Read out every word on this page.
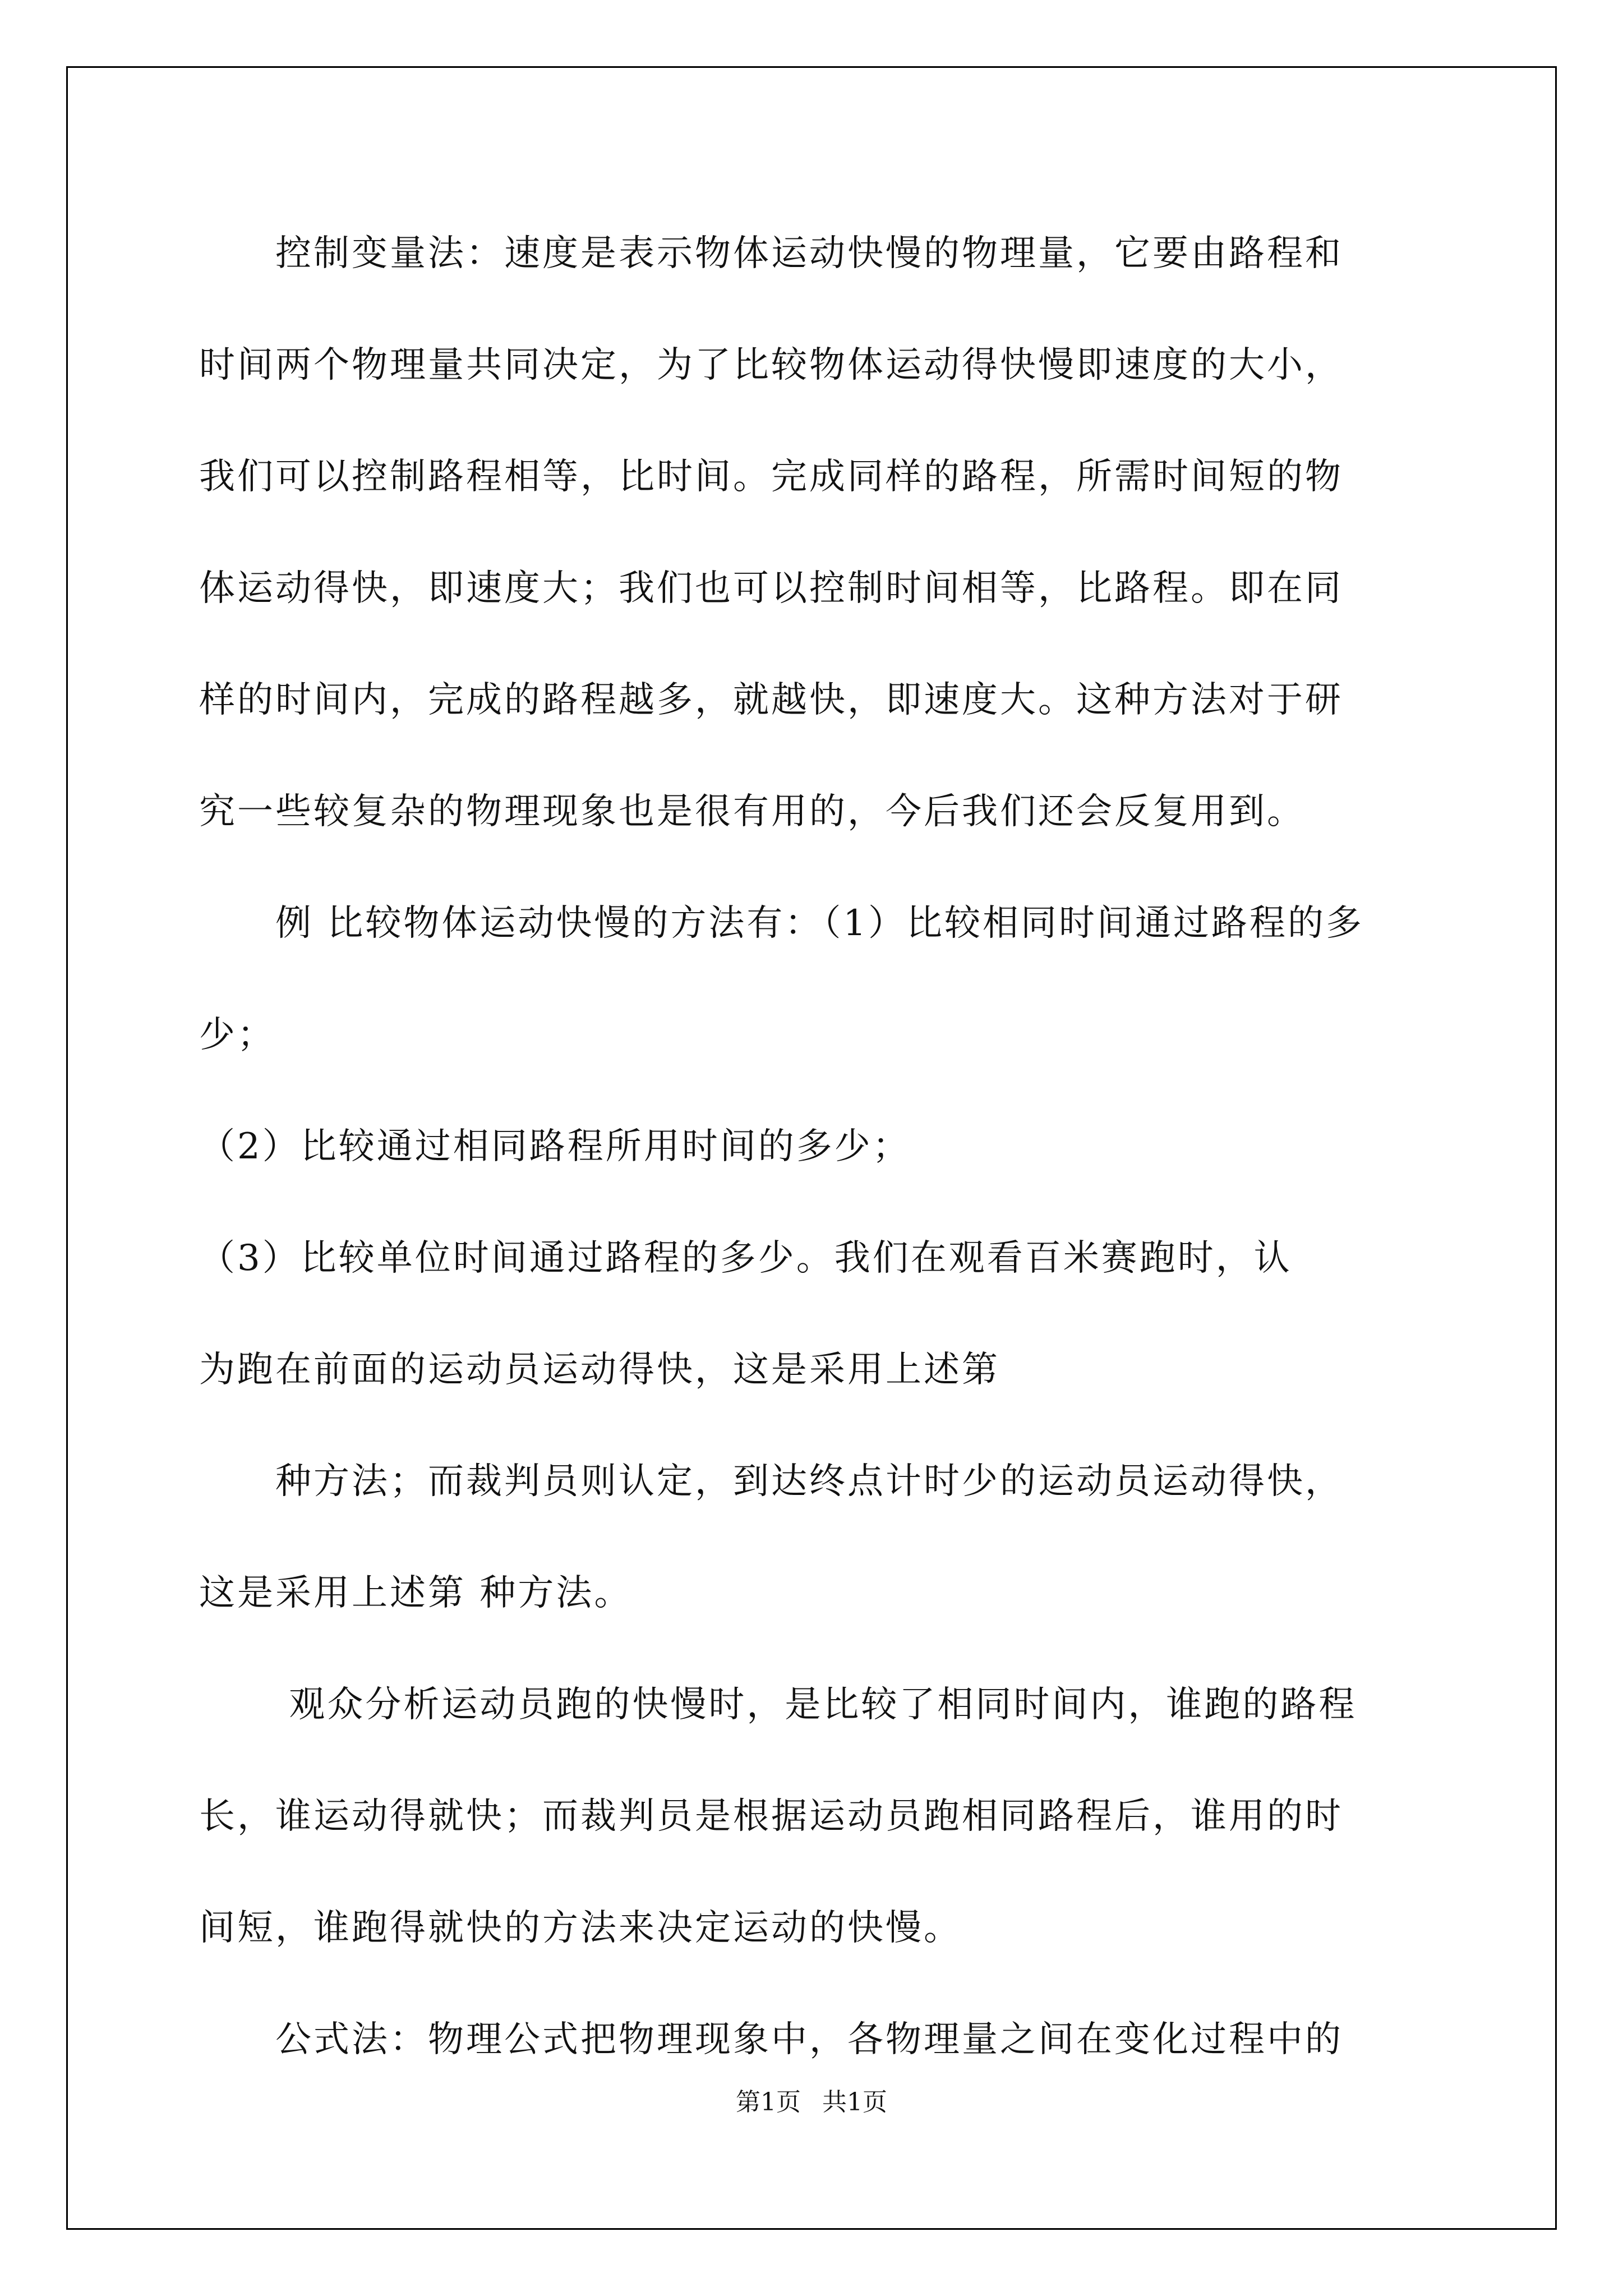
　　控制变量法：速度是表示物体运动快慢的物理量，它要由路程和
时间两个物理量共同决定，为了比较物体运动得快慢即速度的大小，
我们可以控制路程相等，比时间。完成同样的路程，所需时间短的物
体运动得快，即速度大；我们也可以控制时间相等，比路程。即在同
样的时间内，完成的路程越多，就越快，即速度大。这种方法对于研
究一些较复杂的物理现象也是很有用的，今后我们还会反复用到。
　　例 比较物体运动快慢的方法有：（1）比较相同时间通过路程的多
少；
（2）比较通过相同路程所用时间的多少；
（3）比较单位时间通过路程的多少。我们在观看百米赛跑时，认
为跑在前面的运动员运动得快，这是采用上述第
　　种方法；而裁判员则认定，到达终点计时少的运动员运动得快，
这是采用上述第 种方法。
　　 观众分析运动员跑的快慢时，是比较了相同时间内，谁跑的路程
长，谁运动得就快；而裁判员是根据运动员跑相同路程后，谁用的时
间短，谁跑得就快的方法来决定运动的快慢。
　　公式法：物理公式把物理现象中，各物理量之间在变化过程中的
第1页 共1页
